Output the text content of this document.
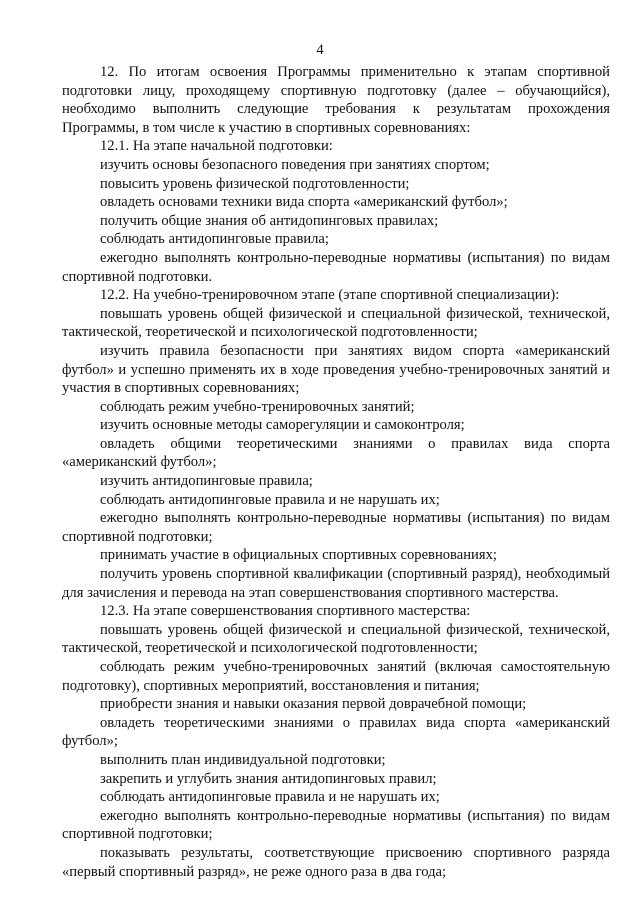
4

12. По итогам освоения Программы применительно к этапам спортивной подготовки лицу, проходящему спортивную подготовку (далее – обучающийся), необходимо выполнить следующие требования к результатам прохождения Программы, в том числе к участию в спортивных соревнованиях:

12.1. На этапе начальной подготовки:

изучить основы безопасного поведения при занятиях спортом;

повысить уровень физической подготовленности;

овладеть основами техники вида спорта «американский футбол»;

получить общие знания об антидопинговых правилах;

соблюдать антидопинговые правила;

ежегодно выполнять контрольно-переводные нормативы (испытания) по видам спортивной подготовки.

12.2. На учебно-тренировочном этапе (этапе спортивной специализации):

повышать уровень общей физической и специальной физической, технической, тактической, теоретической и психологической подготовленности;

изучить правила безопасности при занятиях видом спорта «американский футбол» и успешно применять их в ходе проведения учебно-тренировочных занятий и участия в спортивных соревнованиях;

соблюдать режим учебно-тренировочных занятий;

изучить основные методы саморегуляции и самоконтроля;

овладеть общими теоретическими знаниями о правилах вида спорта «американский футбол»;

изучить антидопинговые правила;

соблюдать антидопинговые правила и не нарушать их;

ежегодно выполнять контрольно-переводные нормативы (испытания) по видам спортивной подготовки;

принимать участие в официальных спортивных соревнованиях;

получить уровень спортивной квалификации (спортивный разряд), необходимый для зачисления и перевода на этап совершенствования спортивного мастерства.

12.3. На этапе совершенствования спортивного мастерства:

повышать уровень общей физической и специальной физической, технической, тактической, теоретической и психологической подготовленности;

соблюдать режим учебно-тренировочных занятий (включая самостоятельную подготовку), спортивных мероприятий, восстановления и питания;

приобрести знания и навыки оказания первой доврачебной помощи;

овладеть теоретическими знаниями о правилах вида спорта «американский футбол»;

выполнить план индивидуальной подготовки;

закрепить и углубить знания антидопинговых правил;

соблюдать антидопинговые правила и не нарушать их;

ежегодно выполнять контрольно-переводные нормативы (испытания) по видам спортивной подготовки;

показывать результаты, соответствующие присвоению спортивного разряда «первый спортивный разряд», не реже одного раза в два года;
